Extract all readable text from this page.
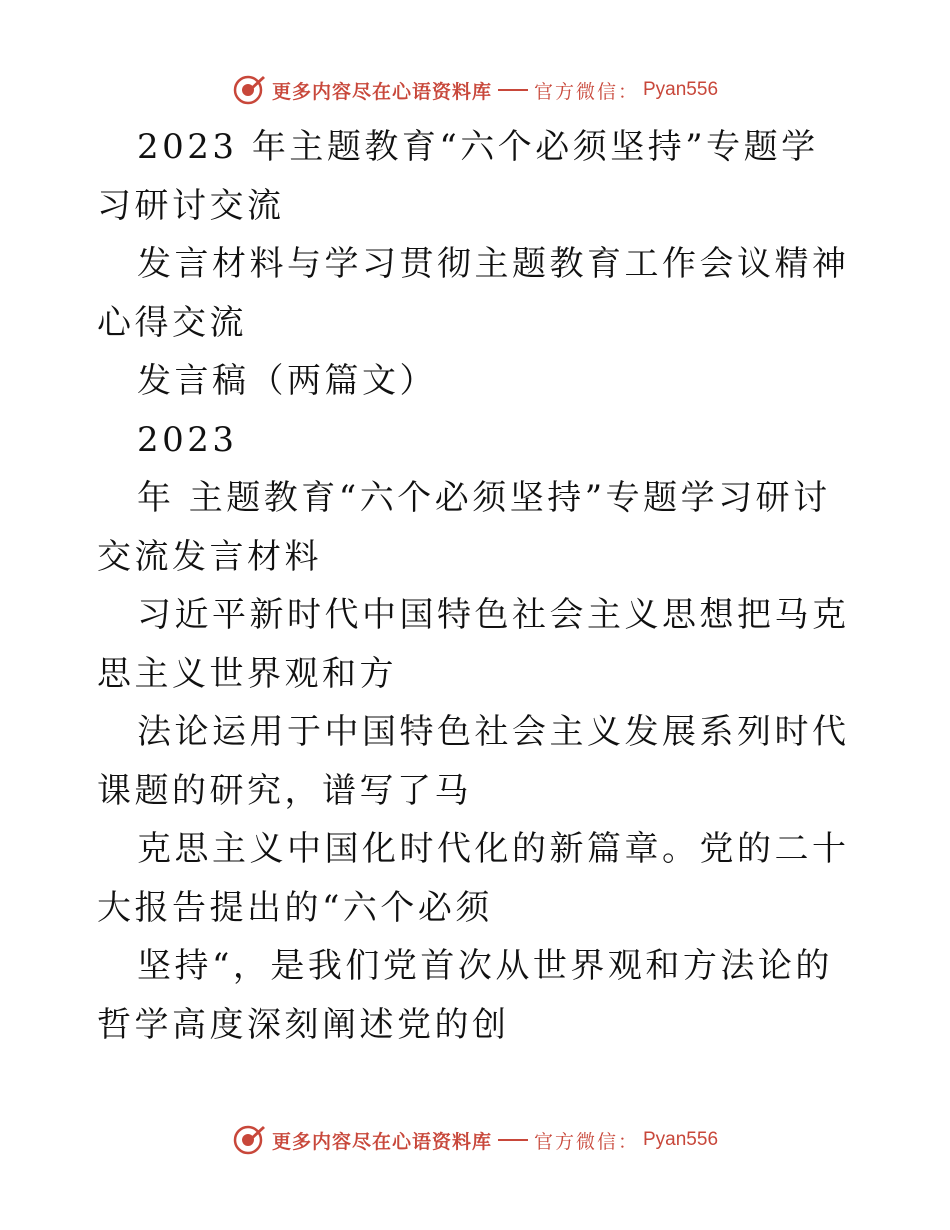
更多内容尽在心语资料库 官方微信： Pyan556

2023 年主题教育“六个必须坚持”专题学习研讨交流

发言材料与学习贯彻主题教育工作会议精神心得交流

发言稿（两篇文）

2023

年 主题教育“六个必须坚持”专题学习研讨交流发言材料

习近平新时代中国特色社会主义思想把马克思主义世界观和方

法论运用于中国特色社会主义发展系列时代课题的研究，谱写了马

克思主义中国化时代化的新篇章。党的二十大报告提出的“六个必须

坚持“，是我们党首次从世界观和方法论的哲学高度深刻阐述党的创

更多内容尽在心语资料库 官方微信： Pyan556
